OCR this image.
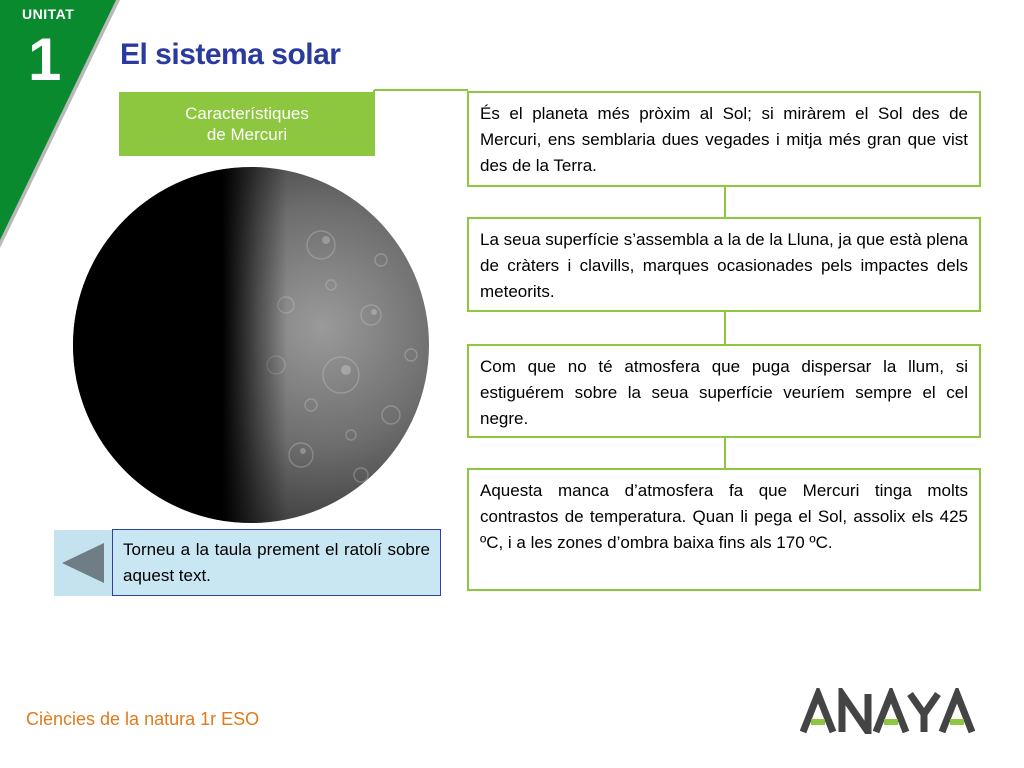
UNITAT
1 El sistema solar
Característiques
de Mercuri
És el planeta més pròxim al Sol; si miràrem el Sol des de Mercuri, ens semblaria dues vegades i mitja més gran que vist des de la Terra.
La seua superfície s’assembla a la de la Lluna, ja que està plena de cràters i clavills, marques ocasionades pels impactes dels meteorits.
Com que no té atmosfera que puga dispersar la llum, si estiguérem sobre la seua superfície veuríem sempre el cel negre.
Aquesta manca d’atmosfera fa que Mercuri tinga molts contrastos de temperatura. Quan li pega el Sol, assolix els 425 ºC, i a les zones d’ombra baixa fins als 170 ºC.
Torneu a la taula prement el ratolí sobre aquest text.
Ciències de la natura 1r ESO
